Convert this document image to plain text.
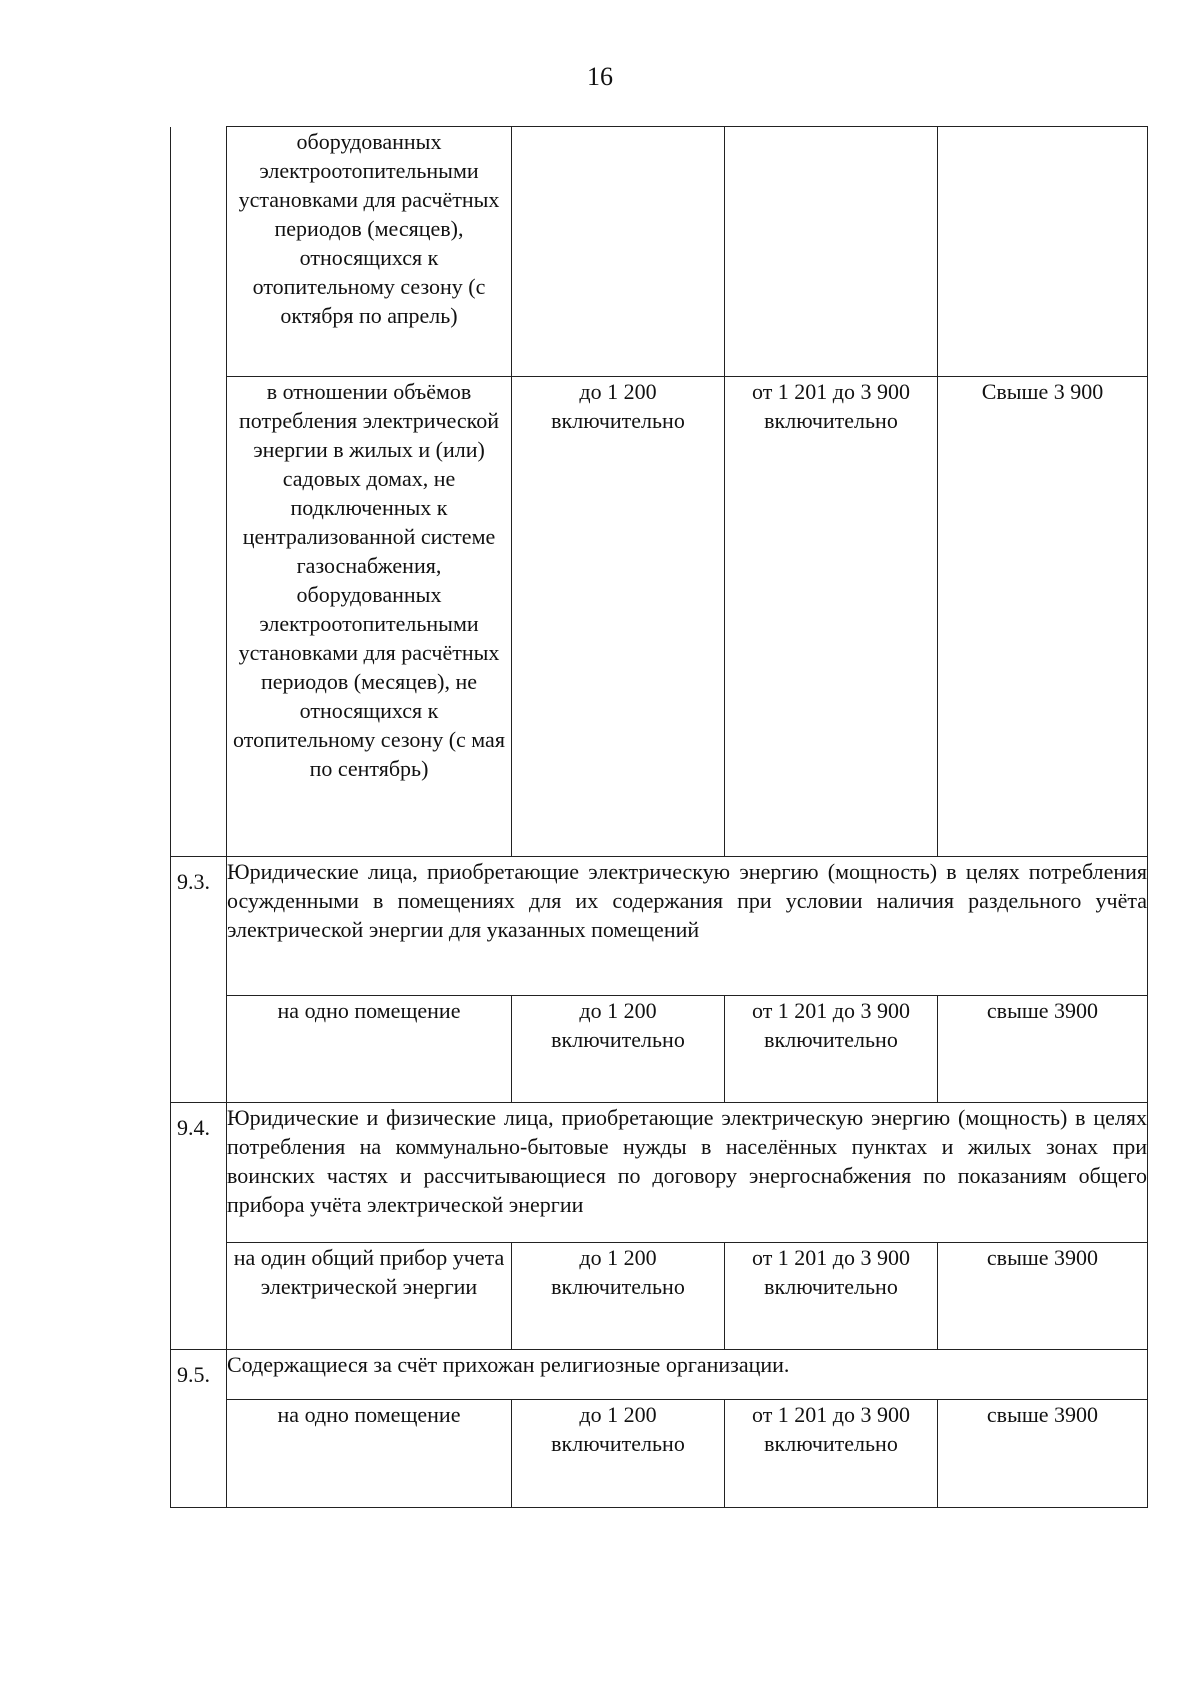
16
	оборудованных электроотопительными установками для расчётных периодов (месяцев), относящихся к отопительному сезону (с октября по апрель)			
	в отношении объёмов потребления электрической энергии в жилых и (или) садовых домах, не подключенных к централизованной системе газоснабжения, оборудованных электроотопительными установками для расчётных периодов (месяцев), не относящихся к отопительному сезону (с мая по сентябрь)	до 1 200 включительно	от 1 201 до 3 900 включительно	Свыше 3 900
9.3.	Юридические лица, приобретающие электрическую энергию (мощность) в целях потребления осужденными в помещениях для их содержания при условии наличия раздельного учёта электрической энергии для указанных помещений			

	на одно помещение	до 1 200 включительно	от 1 201 до 3 900 включительно	свыше 3900
9.4.	Юридические и физические лица, приобретающие электрическую энергию (мощность) в целях потребления на коммунально-бытовые нужды в населённых пунктах и жилых зонах при воинских частях и рассчитывающиеся по договору энергоснабжения по показаниям общего прибора учёта электрической энергии			

	на один общий прибор учета электрической энергии	до 1 200 включительно	от 1 201 до 3 900 включительно	свыше 3900
9.5.	Содержащиеся за счёт прихожан религиозные организации.			

	на одно помещение	до 1 200 включительно	от 1 201 до 3 900 включительно	свыше 3900
